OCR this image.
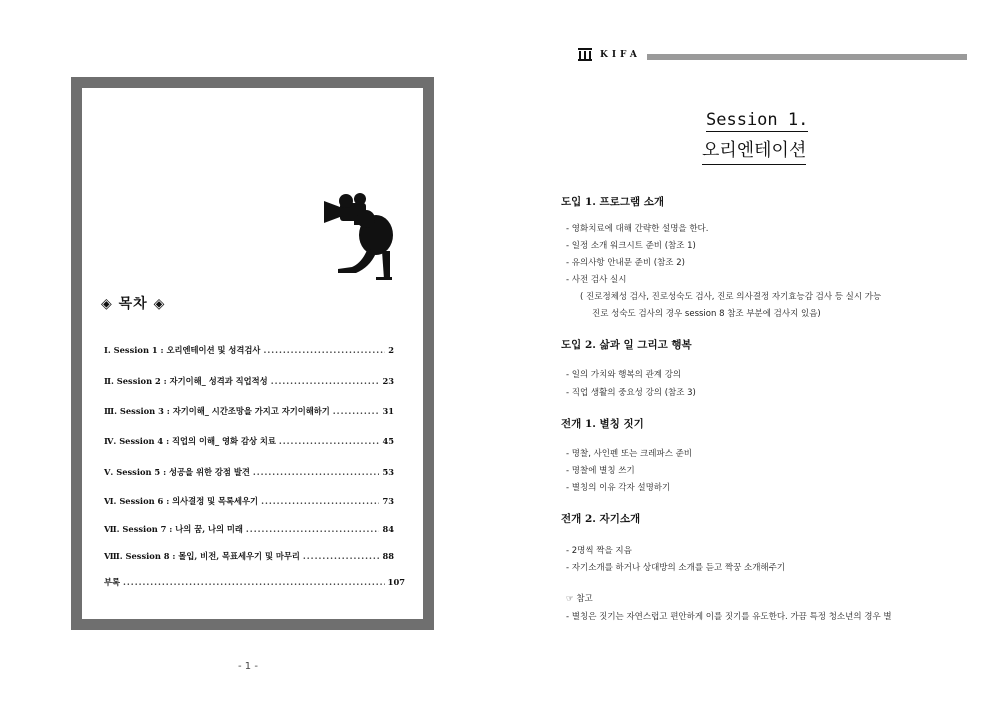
◈ 목차 ◈
Ⅰ. Session 1 : 오리엔테이션 및 성격검사 .....	2
Ⅱ. Session 2 : 자기이해_ 성격과 직업적성 .....	23
Ⅲ. Session 3 : 자기이해_ 시간조망을 가지고 자기이해하기 .....	31
Ⅳ. Session 4 : 직업의 이해_ 영화 감상 치료 .....	45
Ⅴ. Session 5 : 성공을 위한 강점 발견 .....	53
Ⅵ. Session 6 : 의사결정 및 목록세우기 .....	73
Ⅶ. Session 7 : 나의 꿈, 나의 미래 .....	84
Ⅷ. Session 8 : 몰입, 비전, 목표세우기 및 마무리 .....	88
부록 .....	107
- 1 -
KIFA
Session 1.
오리엔테이션
도입 1. 프로그램 소개
- 영화치료에 대해 간략한 설명을 한다.
- 일정 소개 워크시트 준비 (참조 1)
- 유의사항 안내문 준비 (참조 2)
- 사전 검사 실시
( 진로정체성 검사, 진로성숙도 검사, 진로 의사결정 자기효능감 검사 등 실시 가능
진로 성숙도 검사의 경우 session 8 참조 부분에 검사지 있음)
도입 2. 삶과 일 그리고 행복
- 일의 가치와 행복의 관계 강의
- 직업 생활의 중요성 강의 (참조 3)
전개 1. 별칭 짓기
- 명찰, 사인펜 또는 크레파스 준비
- 명찰에 별칭 쓰기
- 별칭의 이유 각자 설명하기
전개 2. 자기소개
- 2명씩 짝을 지음
- 자기소개를 하거나 상대방의 소개를 듣고 짝꿍 소개해주기
☞ 참고
- 별칭은 짓기는 자연스럽고 편안하게 이를 짓기를 유도한다. 가끔 특정 청소년의 경우 별
